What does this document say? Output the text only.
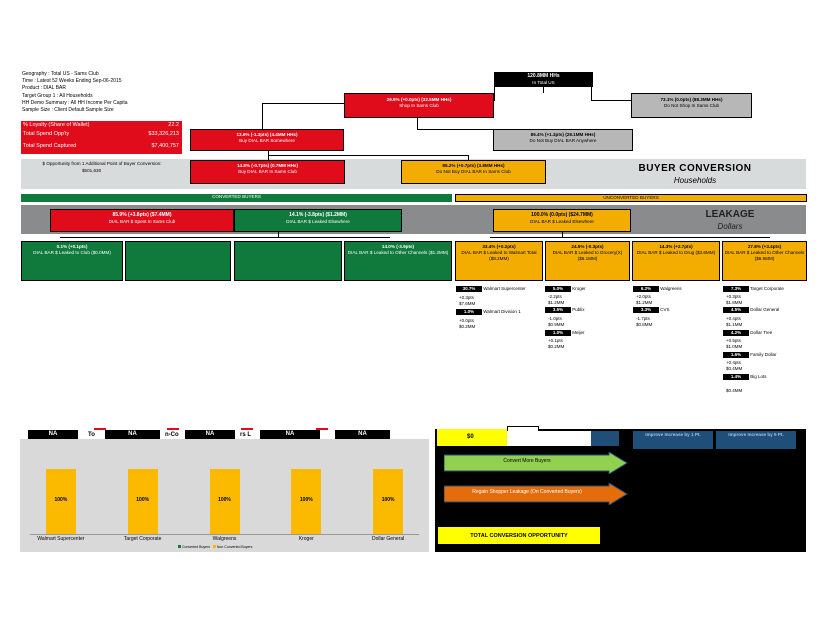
Geography : Total US - Sams Club
Time : Latest 52 Weeks Ending Sep-06-2015
Product : DIAL BAR
Target Group 1 : All Households
HH Demo Summary : All HH Income Per Capita
Sample Size : Client Default Sample Size
% Loyalty (Share of Wallet)	22.2
Total Spend Opp'ty	$33,326,213
Total Spend Captured	$7,400,757
$ Opportunity from 1 Additional Point of Buyer Conversion:
$501,630	BUYER CONVERSION
Households
120.8MM HHs
In Total US
26.9% (+0.0pts) (32.5MM HHs)
Shop In Sams Club
73.1% (0.0pts) (88.3MM HHs)
Do Not Shop In Sams Club
13.6% (-1.3pts) (4.4MM HHs)
Buy DIAL BAR Somewhere
86.4% (+1.3pts) (28.1MM HHs)
Do Not Buy DIAL BAR Anywhere
14.8% (-0.7pts) (0.7MM HHs)
Buy DIAL BAR In Sams Club
85.2% (+0.7pts) (3.8MM HHs)
Do Not Buy DIAL BAR In Sams Club
CONVERTED BUYERS	UNCONVERTED BUYERS
LEAKAGE
Dollars
85.9% (+3.8pts) ($7.4MM)
DIAL BAR $ Spent In Sams Club
14.1% (-3.8pts) ($1.2MM)
DIAL BAR $ Leaked Elsewhere
100.0% (0.0pts) ($24.7MM)
DIAL BAR $ Leaked Elsewhere
0.1% (+0.1pts)
DIAL BAR $ Leaked to Club ($0.0MM)
14.0% (-3.9pts)
DIAL BAR $ Leaked to Other Channels ($1.2MM)
33.4% (+0.2pts)
DIAL BAR $ Leaked to Walmart Total ($8.2MM)
24.5% (-0.3pts)
DIAL BAR $ Leaked to Grocery(X) ($6.1MM)
14.3% (+2.7pts)
DIAL BAR $ Leaked to Drug ($3.6MM)
27.8% (+3.4pts)
DIAL BAR $ Leaked to Other Channels ($6.9MM)
30.7% Walmart Supercenter
+0.3pts
$7.6MM
1.0% Walmart Division 1
+0.0pts
$0.2MM
5.0% Kroger
-2.2pts
$1.2MM
3.5% Publix
-1.0pts
$0.9MM
1.0% Meijer
+0.1pts
$0.2MM
6.2% Walgreens
+2.0pts
$1.2MM
3.3% CVS
-1.7pts
$0.8MM
7.3% Target Corporate
+0.3pts
$1.8MM
4.5% Dollar General
+0.4pts
$1.1MM
4.2% Dollar Tree
+0.5pts
$1.0MM
1.6% Family Dollar
+0.4pts
$0.4MM
1.4% Big Lots
$0.4MM
NA	To	NA	n-Co	NA	rs L	NA	NA
100%
Walmart Supercenter
100%
Target Corporate
100%
Walgreens
100%
Kroger
100%
Dollar General
Converted Buyers Non Converted Buyers
$0	Improve Increase by 1 Pt.	Improve Increase by 5 Pt.
Convert More Buyers
Regain Shopper Leakage (On Converted Buyers)
TOTAL CONVERSION OPPORTUNITY
